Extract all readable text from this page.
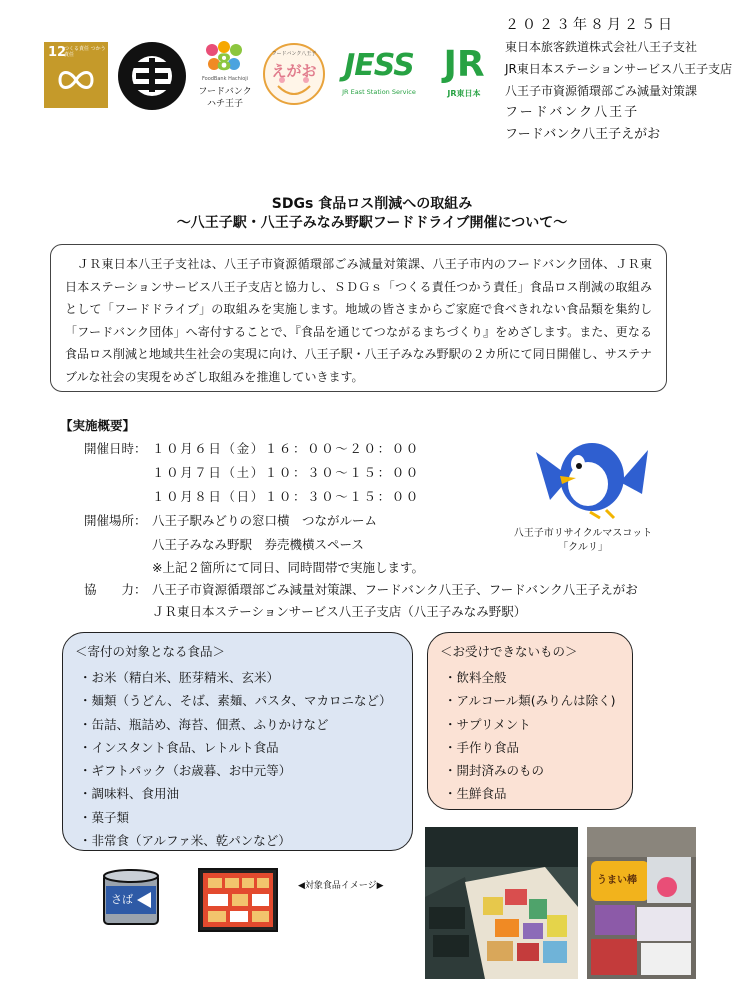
12
つくる責任 つかう責任	8
FoodBank Hachioji
フードバンク
ハチ王子
フードバンク八王子
えがお JESS
JR East Station Service
JR
JR東日本
２０２３年８月２５日
東日本旅客鉄道株式会社八王子支社
JR東日本ステーションサービス八王子支店
八王子市資源循環部ごみ減量対策課
フードバンク八王子
フードバンク八王子えがお
SDGs 食品ロス削減への取組み
～八王子駅・八王子みなみ野駅フードドライブ開催について～
ＪＲ東日本八王子支社は、八王子市資源循環部ごみ減量対策課、八王子市内のフードバンク団体、ＪＲ東日本ステーションサービス八王子支店と協力し、ＳＤＧｓ「つくる責任つかう責任」食品ロス削減の取組みとして「フードドライブ」の取組みを実施します。地域の皆さまからご家庭で食べきれない食品類を集約し「フードバンク団体」へ寄付することで、『食品を通じてつながるまちづくり』をめざします。また、更なる食品ロス削減と地域共生社会の実現に向け、八王子駅・八王子みなみ野駅の２カ所にて同日開催し、サステナブルな社会の実現をめざし取組みを推進していきます。
【実施概要】
開催日時： １０月６日（金）１６：００～２０：００
１０月７日（土）１０：３０～１５：００
１０月８日（日）１０：３０～１５：００
開催場所： 八王子駅みどりの窓口横　つながルーム
八王子みなみ野駅　券売機横スペース
※上記２箇所にて同日、同時間帯で実施します。
協　　力： 八王子市資源循環部ごみ減量対策課、フードバンク八王子、フードバンク八王子えがお
ＪＲ東日本ステーションサービス八王子支店（八王子みなみ野駅）
八王子市リサイクルマスコット
「クルリ」
＜寄付の対象となる食品＞
・お米（精白米、胚芽精米、玄米）
・麺類（うどん、そば、素麺、パスタ、マカロニなど）
・缶詰、瓶詰め、海苔、佃煮、ふりかけなど
・インスタント食品、レトルト食品
・ギフトパック（お歳暮、お中元等）
・調味料、食用油
・菓子類
・非常食（アルファ米、乾パンなど）
＜お受けできないもの＞
・飲料全般
・アルコール類(みりんは除く)
・サプリメント
・手作り食品
・開封済みのもの
・生鮮食品
さば
◀対象食品イメージ▶	うまい棒
